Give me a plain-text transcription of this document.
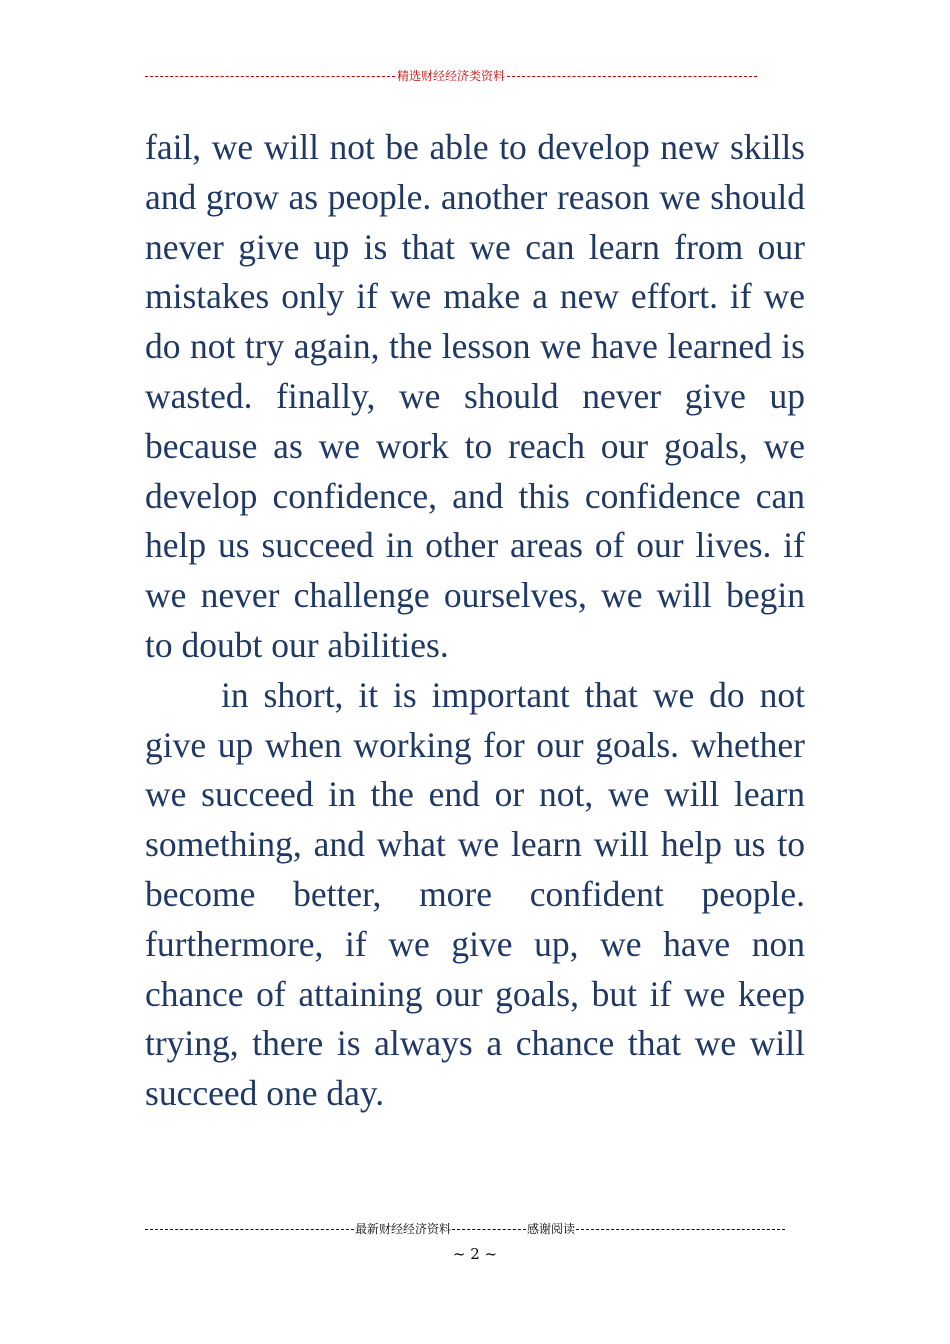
精选财经经济类资料

fail, we will not be able to develop new skills and grow as people. another reason we should never give up is that we can learn from our mistakes only if we make a new effort. if we do not try again, the lesson we have learned is wasted. finally, we should never give up because as we work to reach our goals, we develop confidence, and this confidence can help us succeed in other areas of our lives. if we never challenge ourselves, we will begin to doubt our abilities.

in short, it is important that we do not give up when working for our goals. whether we succeed in the end or not, we will learn something, and what we learn will help us to become better, more confident people. furthermore, if we give up, we have non chance of attaining our goals, but if we keep trying, there is always a chance that we will succeed one day.

最新财经经济资料	感谢阅读
~ 2 ~
